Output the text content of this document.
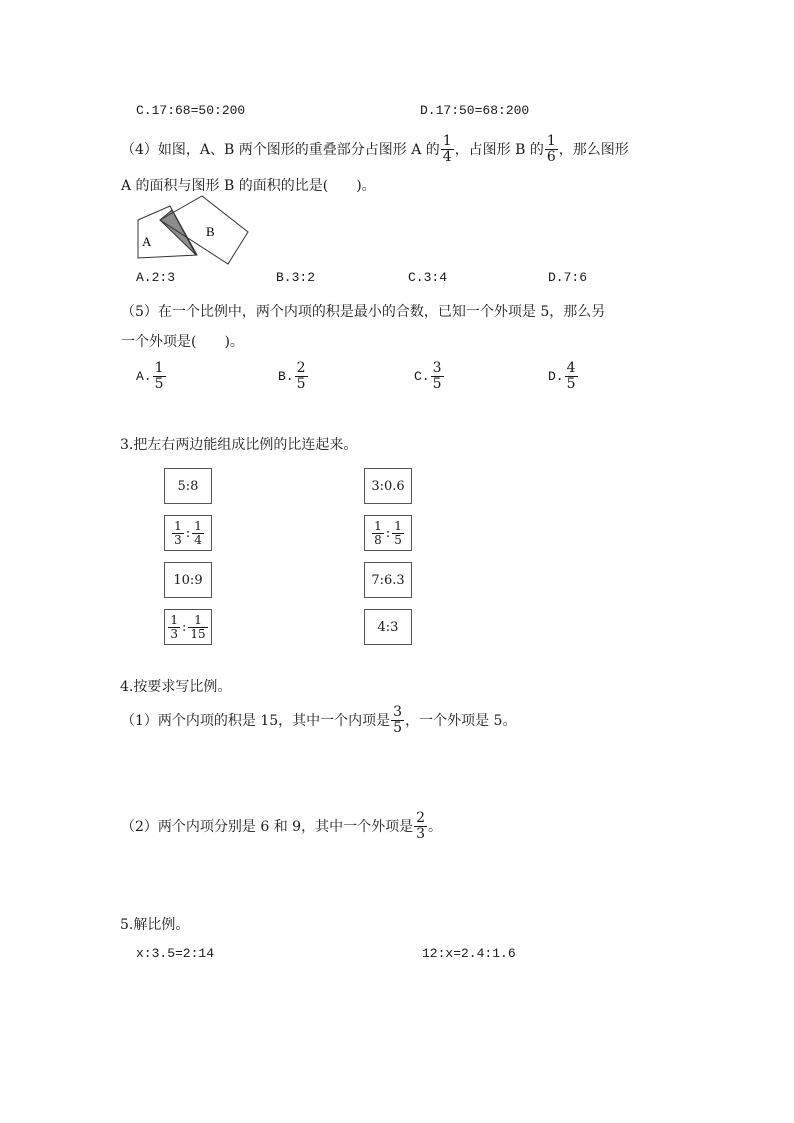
C.17:68=50:200	D.17:50=68:200
（4）如图，A、B 两个图形的重叠部分占图形 A 的 $\frac{1}{4}$ ，占图形 B 的 $\frac{1}{6}$ ，那么图形
A 的面积与图形 B 的面积的比是(　　)。
A
B
A.2:3	B.3:2	C.3:4	D.7:6
（5）在一个比例中，两个内项的积是最小的合数，已知一个外项是 5，那么另
一个外项是(　　)。
A. $\frac{1}{5}$	B. $\frac{2}{5}$	C. $\frac{3}{5}$	D. $\frac{4}{5}$
3.把左右两边能组成比例的比连起来。
5:8
$\frac{1}{3}$ : $\frac{1}{4}$
10:9
$\frac{1}{3}$ : $\frac{1}{15}$
3:0.6
$\frac{1}{8}$ : $\frac{1}{5}$
7:6.3
4:3
4.按要求写比例。
（1）两个内项的积是 15，其中一个内项是 $\frac{3}{5}$ ，一个外项是 5。
（2）两个内项分别是 6 和 9，其中一个外项是 $\frac{2}{3}$ 。
5.解比例。
x:3.5=2:14	12:x=2.4:1.6
